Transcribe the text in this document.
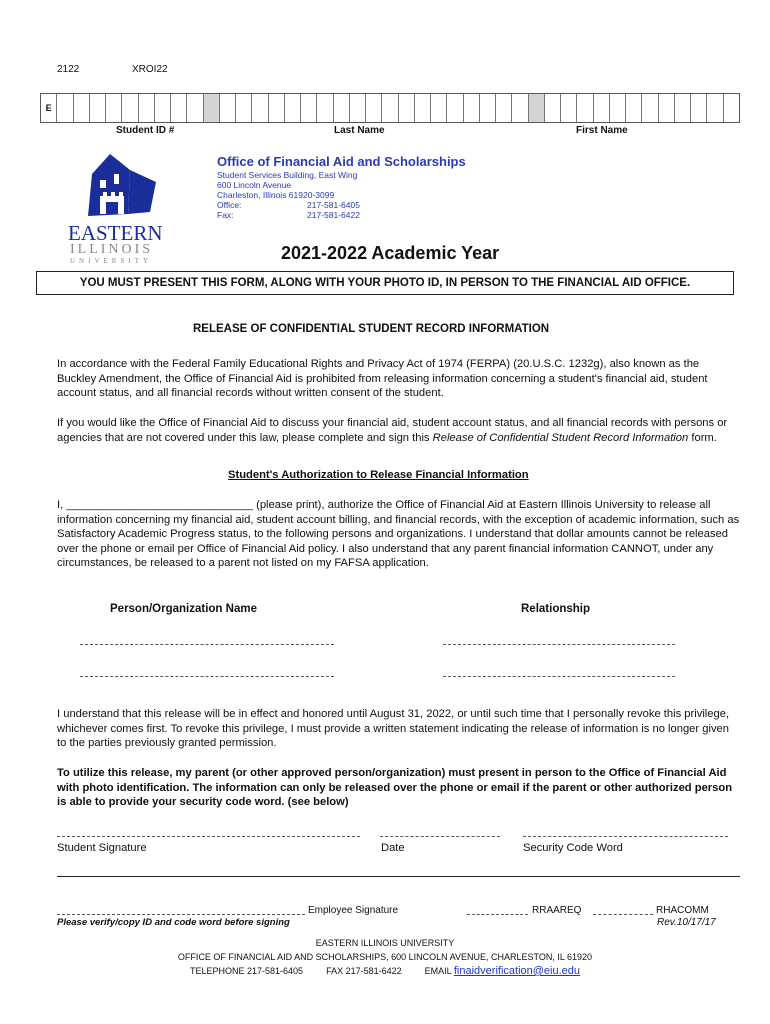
2122	XROI22
E
Student ID #	Last Name	First Name
EASTERN
ILLINOIS
UNIVERSITY
Office of Financial Aid and Scholarships
Student Services Building, East Wing
600 Lincoln Avenue
Charleston, Illinois 61920-3099
Office:	217-581-6405
Fax:	217-581-6422
2021-2022 Academic Year
YOU MUST PRESENT THIS FORM, ALONG WITH YOUR PHOTO ID, IN PERSON TO THE FINANCIAL AID OFFICE.
RELEASE OF CONFIDENTIAL STUDENT RECORD INFORMATION
In accordance with the Federal Family Educational Rights and Privacy Act of 1974 (FERPA) (20.U.S.C. 1232g), also known as the Buckley Amendment, the Office of Financial Aid is prohibited from releasing information concerning a student's financial aid, student account status, and all financial records without written consent of the student.
If you would like the Office of Financial Aid to discuss your financial aid, student account status, and all financial records with persons or agencies that are not covered under this law, please complete and sign this Release of Confidential Student Record Information form.
Student's Authorization to Release Financial Information
I, ______________________________ (please print), authorize the Office of Financial Aid at Eastern Illinois University to release all information concerning my financial aid, student account billing, and financial records, with the exception of academic information, such as Satisfactory Academic Progress status, to the following persons and organizations. I understand that dollar amounts cannot be released over the phone or email per Office of Financial Aid policy. I also understand that any parent financial information CANNOT, under any circumstances, be released to a parent not listed on my FAFSA application.
Person/Organization Name	Relationship
I understand that this release will be in effect and honored until August 31, 2022, or until such time that I personally revoke this privilege, whichever comes first. To revoke this privilege, I must provide a written statement indicating the release of information is no longer given to the parties previously granted permission.
To utilize this release, my parent (or other approved person/organization) must present in person to the Office of Financial Aid with photo identification. The information can only be released over the phone or email if the parent or other authorized person is able to provide your security code word. (see below)
Student Signature	Date	Security Code Word
Employee Signature
Please verify/copy ID and code word before signing
RRAAREQ	RHACOMM
Rev.10/17/17
EASTERN ILLINOIS UNIVERSITY
OFFICE OF FINANCIAL AID AND SCHOLARSHIPS, 600 LINCOLN AVENUE, CHARLESTON, IL 61920
TELEPHONE 217-581-6405	FAX 217-581-6422	EMAIL finaidverification@eiu.edu
